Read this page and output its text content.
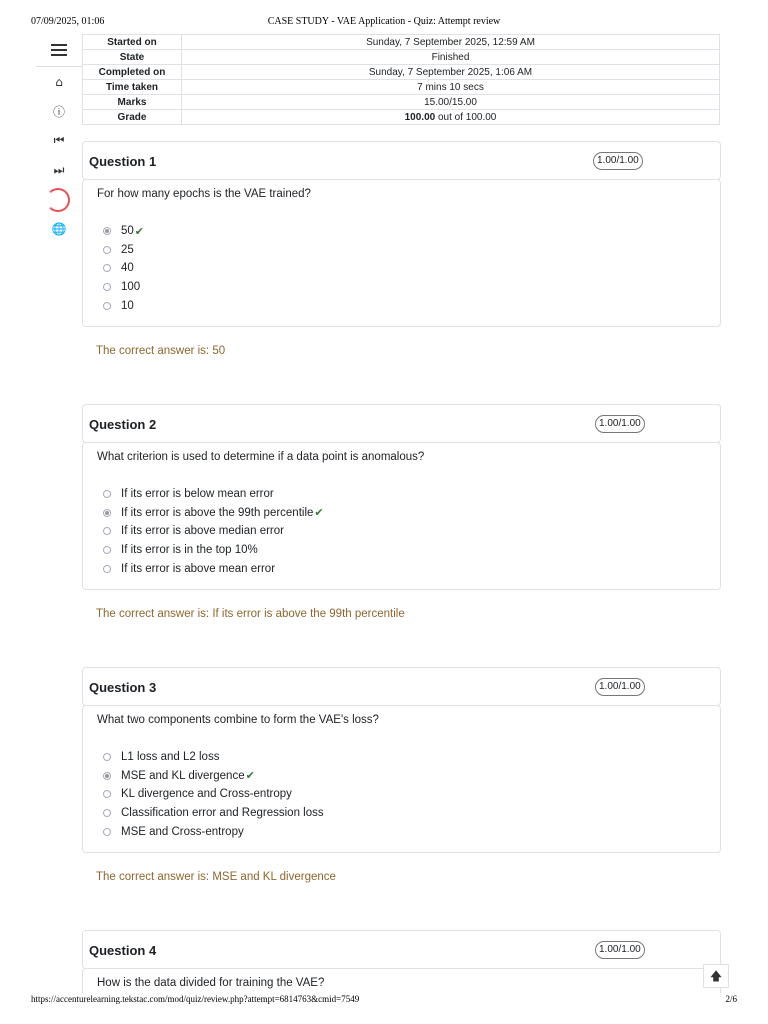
07/09/2025, 01:06	CASE STUDY - VAE Application - Quiz: Attempt review
⌂
ⓘ
⏮
⏭
🌐
Started on	Sunday, 7 September 2025, 12:59 AM
State	Finished
Completed on	Sunday, 7 September 2025, 1:06 AM
Time taken	7 mins 10 secs
Marks	15.00/15.00
Grade	100.00 out of 100.00
Question 1	1.00/1.00
For how many epochs is the VAE trained?
50 ✔
25
40
100
10
The correct answer is: 50
Question 2	1.00/1.00
What criterion is used to determine if a data point is anomalous?
If its error is below mean error
If its error is above the 99th percentile ✔
If its error is above median error
If its error is in the top 10%
If its error is above mean error
The correct answer is: If its error is above the 99th percentile
Question 3	1.00/1.00
What two components combine to form the VAE's loss?
L1 loss and L2 loss
MSE and KL divergence ✔
KL divergence and Cross-entropy
Classification error and Regression loss
MSE and Cross-entropy
The correct answer is: MSE and KL divergence
Question 4	1.00/1.00
How is the data divided for training the VAE?	🡅
https://accenturelearning.tekstac.com/mod/quiz/review.php?attempt=6814763&cmid=7549	2/6
